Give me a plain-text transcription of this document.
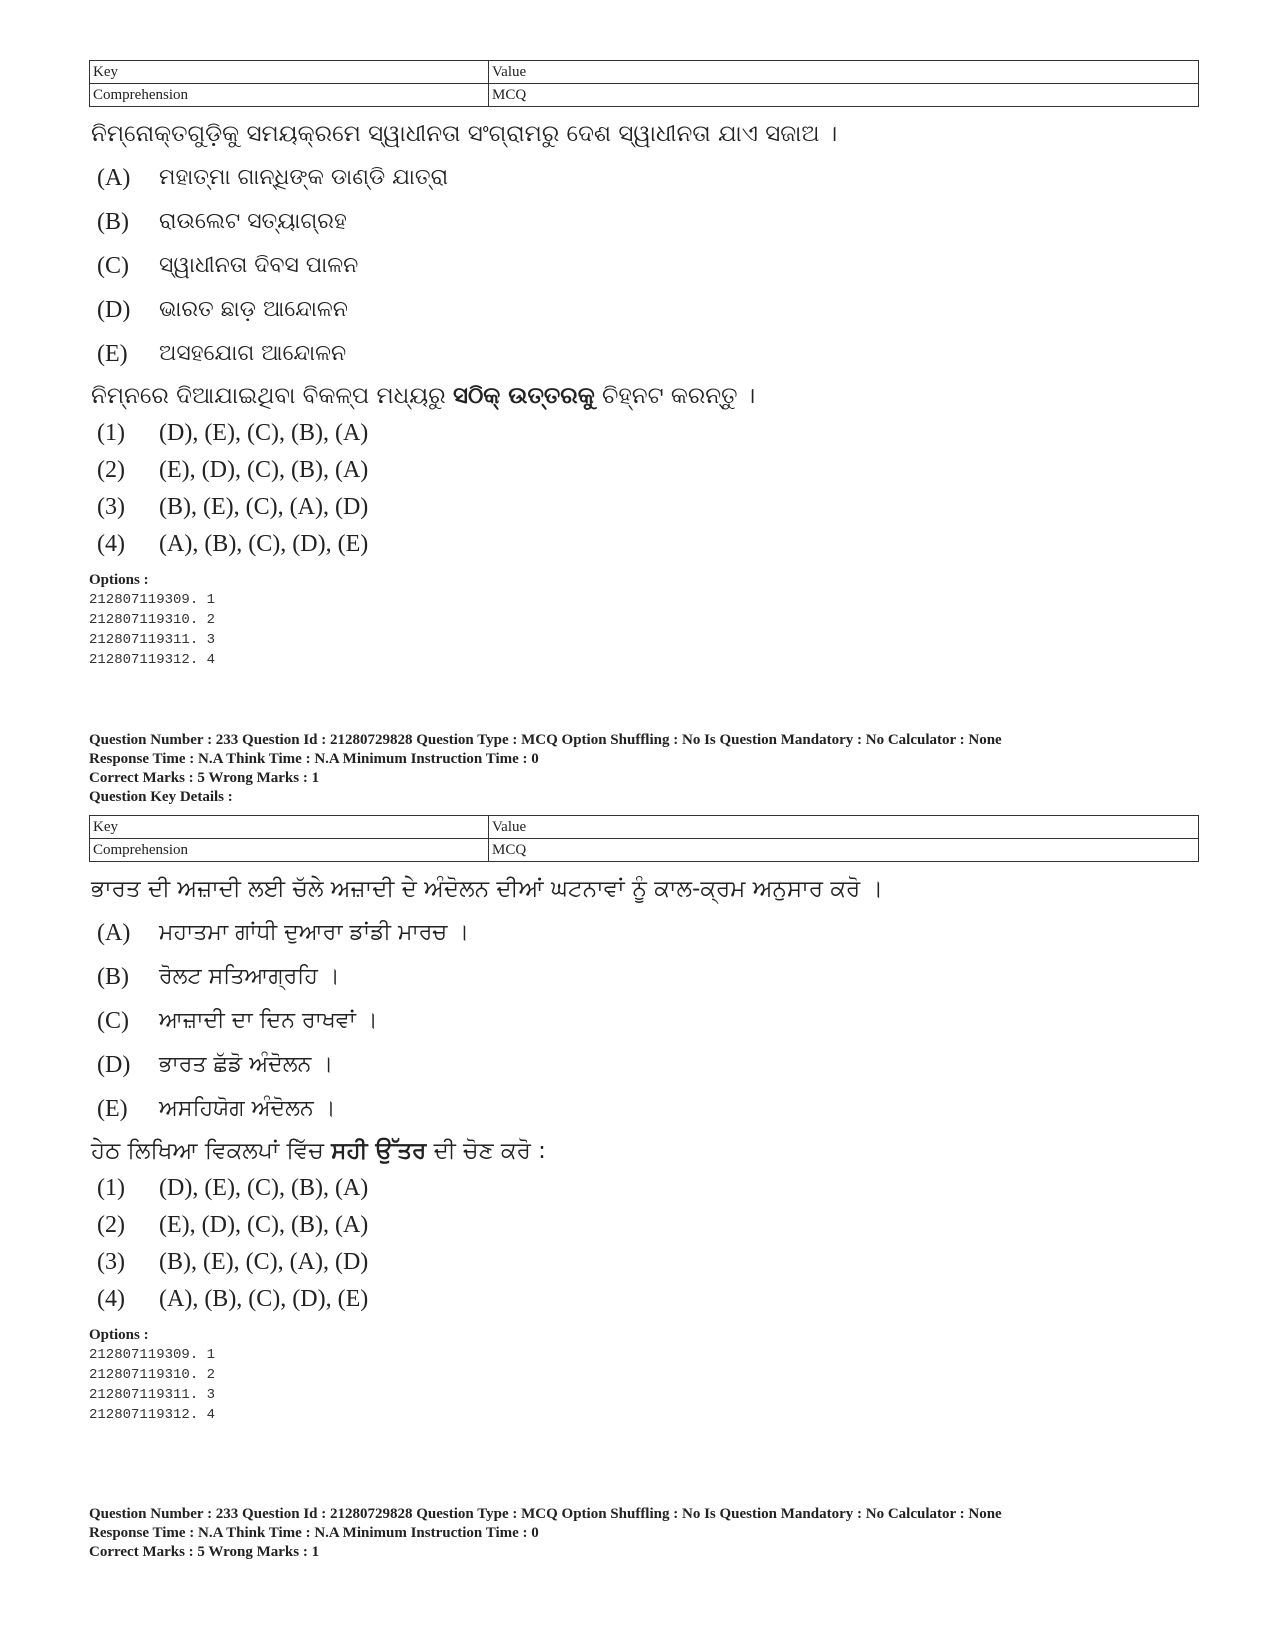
Key	Value
Comprehension	MCQ
ନିମ୍ନୋକ୍ତଗୁଡ଼ିକୁ ସମୟକ୍ରମେ ସ୍ୱାଧୀନତା ସଂଗ୍ରାମରୁ ଦେଶ ସ୍ୱାଧୀନତା ଯାଏ ସଜାଅ ।
(A)	ମହାତ୍ମା ଗାନ୍ଧିଙ୍କ ଡାଣ୍ଡି ଯାତ୍ରା
(B)	ରାଉଲେଟ ସତ୍ୟାଗ୍ରହ
(C)	ସ୍ୱାଧୀନତା ଦିବସ ପାଳନ
(D)	ଭାରତ ଛାଡ଼ ଆନ୍ଦୋଳନ
(E)	ଅସହଯୋଗ ଆନ୍ଦୋଳନ
ନିମ୍ନରେ ଦିଆଯାଇଥିବା ବିକଳ୍ପ ମଧ୍ୟରୁ ସଠିକ୍ ଉତ୍ତରକୁ ଚିହ୍ନଟ କରନ୍ତୁ ।
(1)	(D), (E), (C), (B), (A)
(2)	(E), (D), (C), (B), (A)
(3)	(B), (E), (C), (A), (D)
(4)	(A), (B), (C), (D), (E)
Options :
212807119309. 1
212807119310. 2
212807119311. 3
212807119312. 4
Question Number : 233 Question Id : 21280729828 Question Type : MCQ Option Shuffling : No Is Question Mandatory : No Calculator : None
Response Time : N.A Think Time : N.A Minimum Instruction Time : 0
Correct Marks : 5 Wrong Marks : 1
Question Key Details :
Key	Value
Comprehension	MCQ
ਭਾਰਤ ਦੀ ਅਜ਼ਾਦੀ ਲਈ ਚੱਲੇ ਅਜ਼ਾਦੀ ਦੇ ਅੰਦੋਲਨ ਦੀਆਂ ਘਟਨਾਵਾਂ ਨੂੰ ਕਾਲ-ਕ੍ਰਮ ਅਨੁਸਾਰ ਕਰੋ ।
(A)	ਮਹਾਤਮਾ ਗਾਂਧੀ ਦੁਆਰਾ ਡਾਂਡੀ ਮਾਰਚ ।
(B)	ਰੋਲਟ ਸਤਿਆਗ੍ਰਹਿ ।
(C)	ਆਜ਼ਾਦੀ ਦਾ ਦਿਨ ਰਾਖਵਾਂ ।
(D)	ਭਾਰਤ ਛੱਡੋ ਅੰਦੋਲਨ ।
(E)	ਅਸਹਿਯੋਗ ਅੰਦੋਲਨ ।
ਹੇਠ ਲਿਖਿਆ ਵਿਕਲਪਾਂ ਵਿੱਚ ਸਹੀ ਉੱਤਰ ਦੀ ਚੋਣ ਕਰੋ :
(1)	(D), (E), (C), (B), (A)
(2)	(E), (D), (C), (B), (A)
(3)	(B), (E), (C), (A), (D)
(4)	(A), (B), (C), (D), (E)
Options :
212807119309. 1
212807119310. 2
212807119311. 3
212807119312. 4
Question Number : 233 Question Id : 21280729828 Question Type : MCQ Option Shuffling : No Is Question Mandatory : No Calculator : None
Response Time : N.A Think Time : N.A Minimum Instruction Time : 0
Correct Marks : 5 Wrong Marks : 1
